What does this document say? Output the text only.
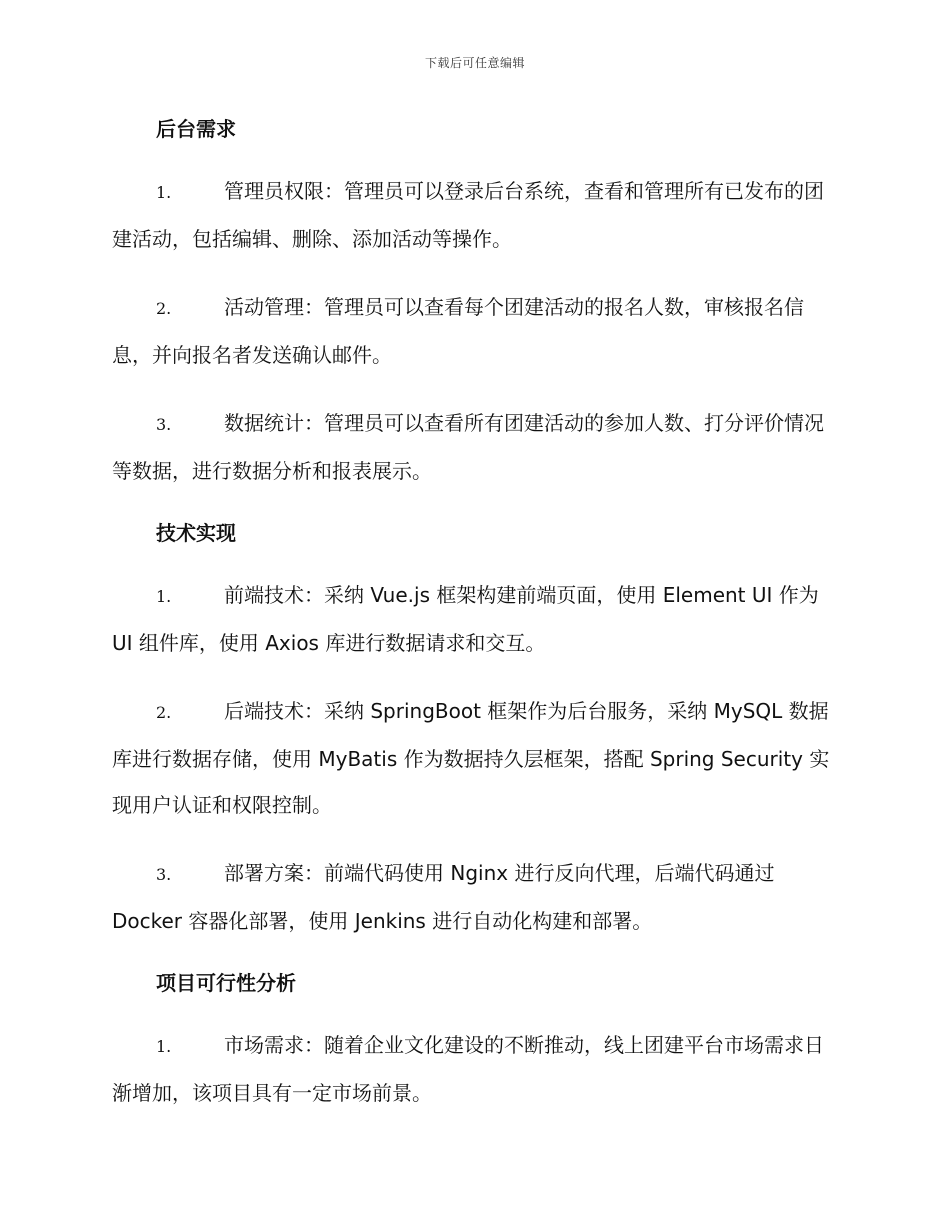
下载后可任意编辑
后台需求
1.	管理员权限：管理员可以登录后台系统，查看和管理所有已发布的团建活动，包括编辑、删除、添加活动等操作。
2.	活动管理：管理员可以查看每个团建活动的报名人数，审核报名信息，并向报名者发送确认邮件。
3.	数据统计：管理员可以查看所有团建活动的参加人数、打分评价情况等数据，进行数据分析和报表展示。
技术实现
1.	前端技术：采纳 Vue.js 框架构建前端页面，使用 Element UI 作为 UI 组件库，使用 Axios 库进行数据请求和交互。
2.	后端技术：采纳 SpringBoot 框架作为后台服务，采纳 MySQL 数据库进行数据存储，使用 MyBatis 作为数据持久层框架，搭配 Spring Security 实现用户认证和权限控制。
3.	部署方案：前端代码使用 Nginx 进行反向代理，后端代码通过 Docker 容器化部署，使用 Jenkins 进行自动化构建和部署。
项目可行性分析
1.	市场需求：随着企业文化建设的不断推动，线上团建平台市场需求日渐增加，该项目具有一定市场前景。
